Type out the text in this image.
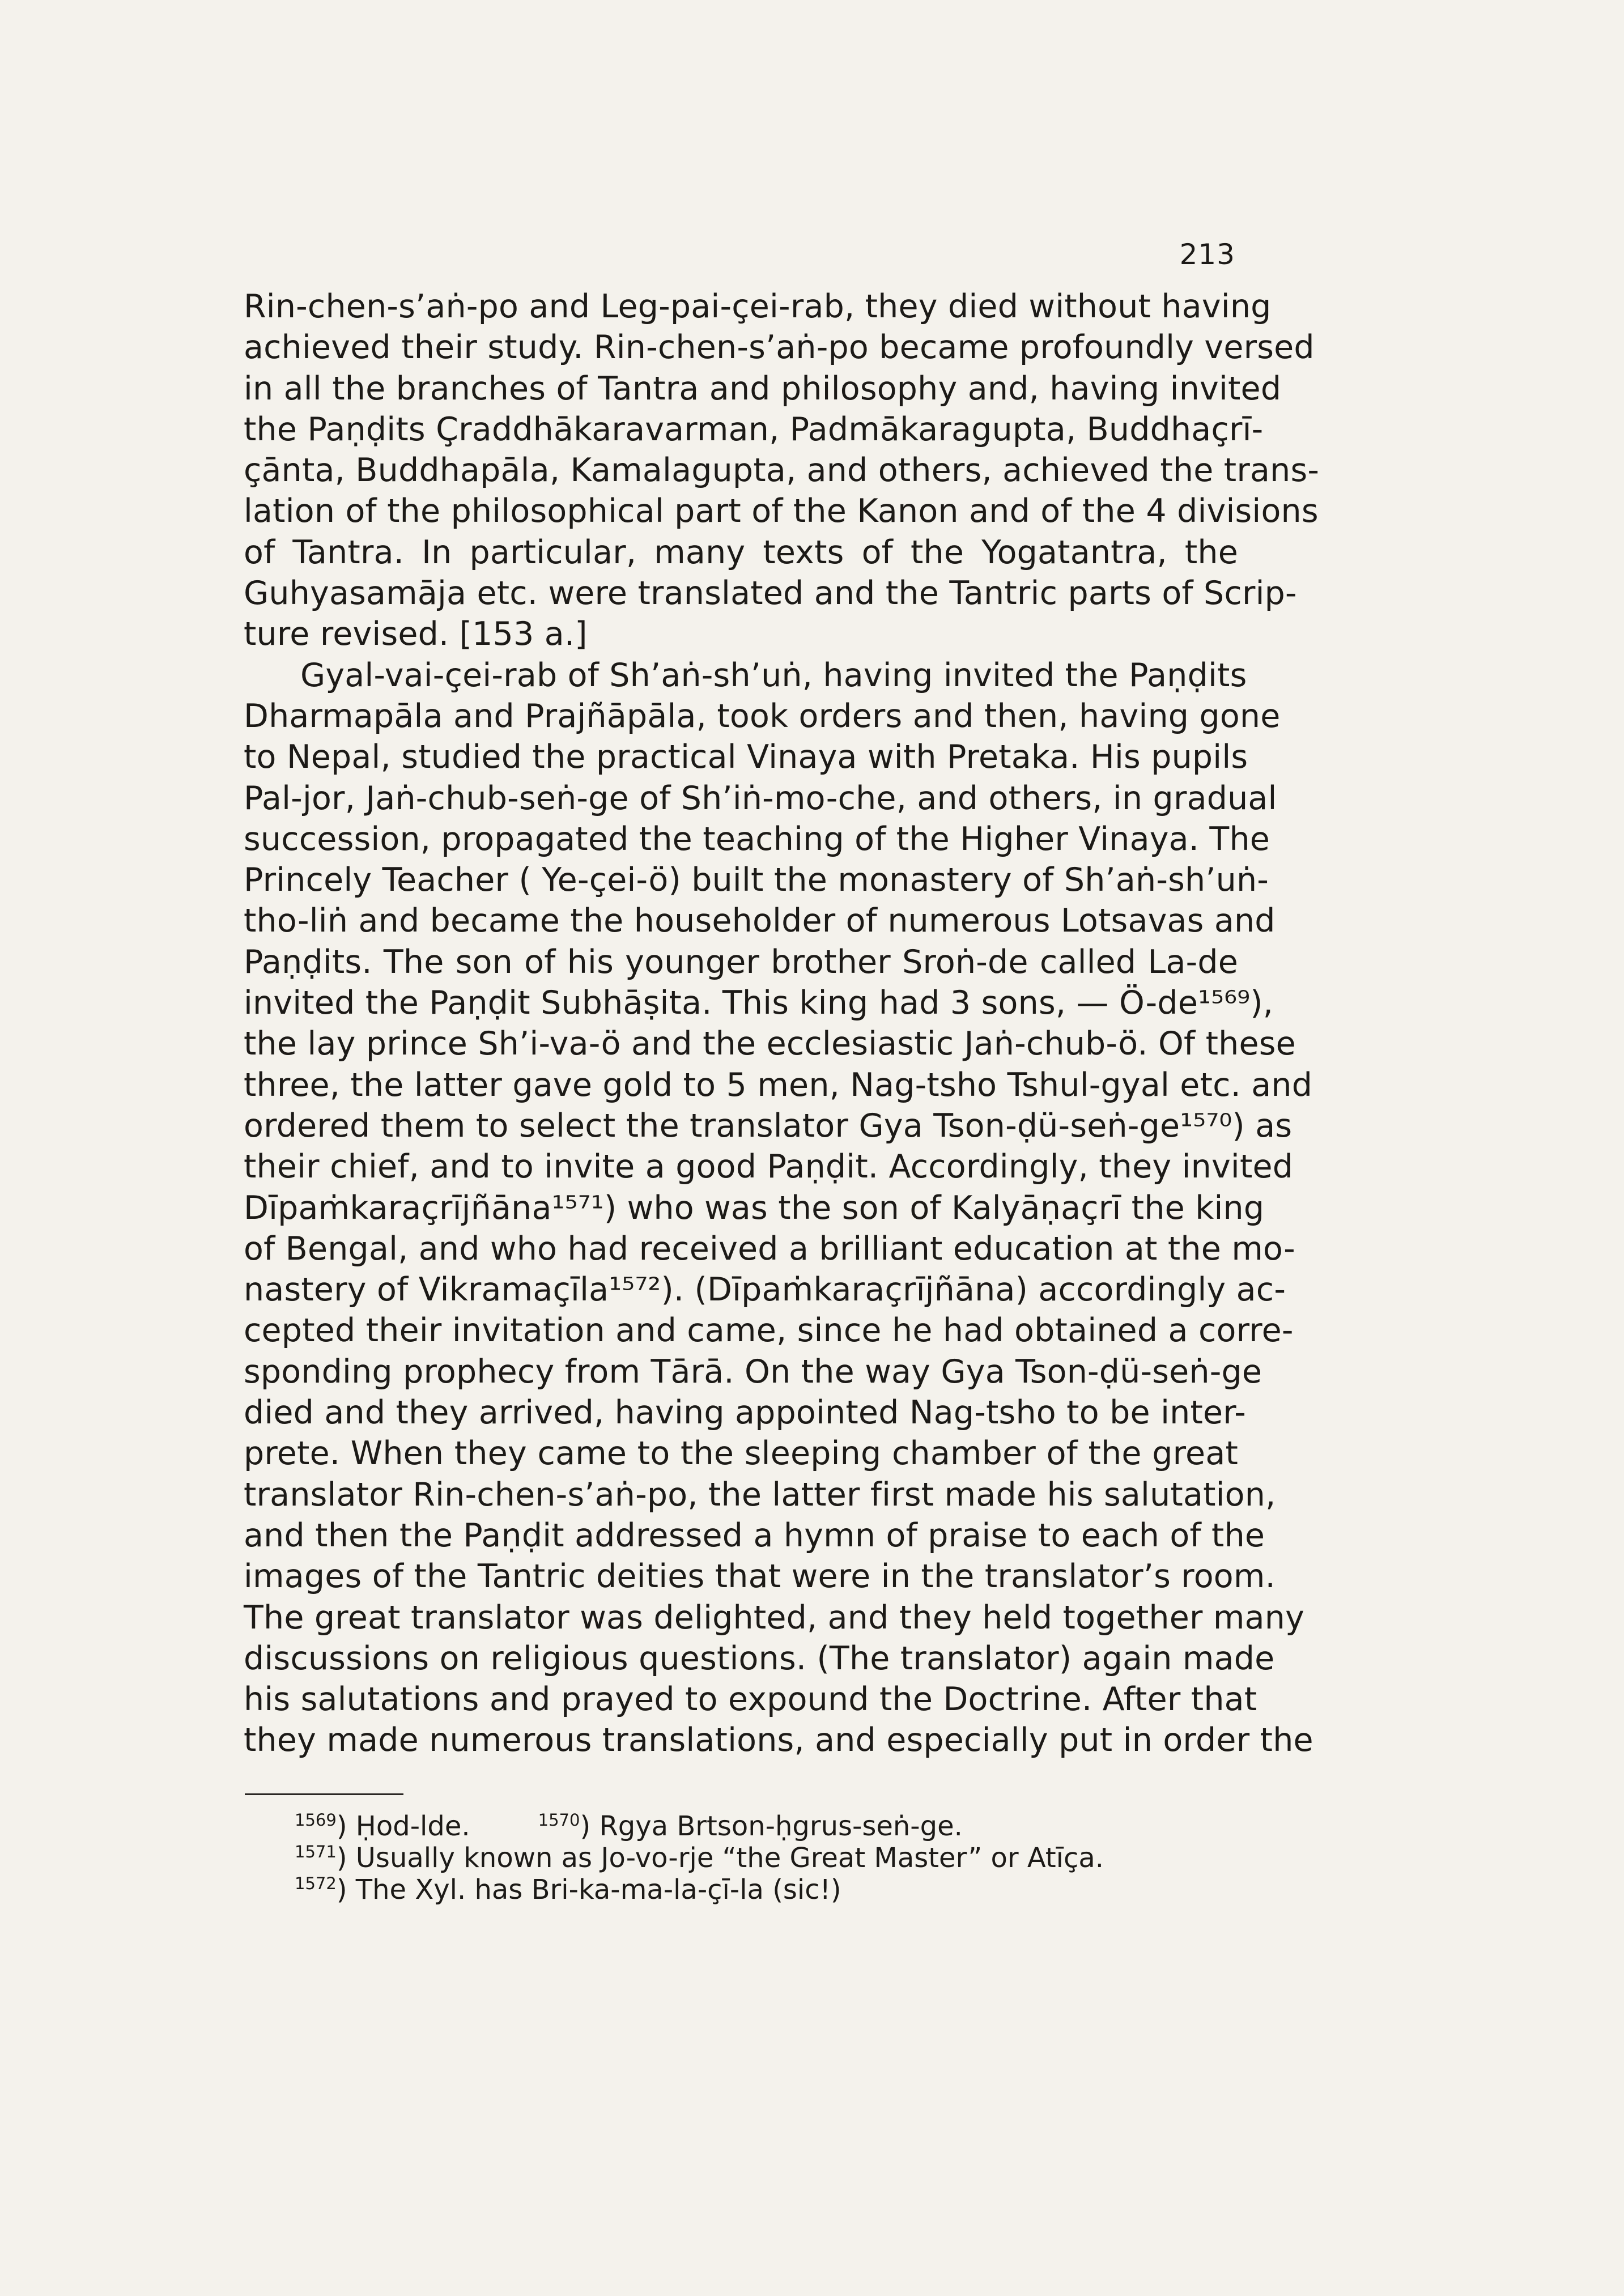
213
Rin-chen-s’aṅ-po and Leg-pai-çei-rab, they died without having
achieved their study. Rin-chen-s’aṅ-po became profoundly versed
in all the branches of Tantra and philosophy and, having invited
the Paṇḍits Çraddhākaravarman, Padmākaragupta, Buddhaçrī-
çānta, Buddhapāla, Kamalagupta, and others, achieved the trans-
lation of the philosophical part of the Kanon and of the 4 divisions
of Tantra. In particular, many texts of the Yogatantra, the
Guhyasamāja etc. were translated and the Tantric parts of Scrip-
ture revised. [153 a.]
Gyal-vai-çei-rab of Sh’aṅ-sh’uṅ, having invited the Paṇḍits
Dharmapāla and Prajñāpāla, took orders and then, having gone
to Nepal, studied the practical Vinaya with Pretaka. His pupils
Pal-jor, Jaṅ-chub-seṅ-ge of Sh’iṅ-mo-che, and others, in gradual
succession, propagated the teaching of the Higher Vinaya. The
Princely Teacher ( Ye-çei-ö) built the monastery of Sh’aṅ-sh’uṅ-
tho-liṅ and became the householder of numerous Lotsavas and
Paṇḍits. The son of his younger brother Sroṅ-de called La-de
invited the Paṇḍit Subhāṣita. This king had 3 sons, — Ö-de¹⁵⁶⁹),
the lay prince Sh’i-va-ö and the ecclesiastic Jaṅ-chub-ö. Of these
three, the latter gave gold to 5 men, Nag-tsho Tshul-gyal etc. and
ordered them to select the translator Gya Tson-ḍü-seṅ-ge¹⁵⁷⁰) as
their chief, and to invite a good Paṇḍit. Accordingly, they invited
Dīpaṁkaraçrījñāna¹⁵⁷¹) who was the son of Kalyāṇaçrī the king
of Bengal, and who had received a brilliant education at the mo-
nastery of Vikramaçīla¹⁵⁷²). (Dīpaṁkaraçrījñāna) accordingly ac-
cepted their invitation and came, since he had obtained a corre-
sponding prophecy from Tārā. On the way Gya Tson-ḍü-seṅ-ge
died and they arrived, having appointed Nag-tsho to be inter-
prete. When they came to the sleeping chamber of the great
translator Rin-chen-s’aṅ-po, the latter first made his salutation,
and then the Paṇḍit addressed a hymn of praise to each of the
images of the Tantric deities that were in the translator’s room.
The great translator was delighted, and they held together many
discussions on religious questions. (The translator) again made
his salutations and prayed to expound the Doctrine. After that
they made numerous translations, and especially put in order the
$^{1569}$) Ḥod-lde.	$^{1570}$) Rgya Brtson-ḥgrus-seṅ-ge.
$^{1571}$) Usually known as Jo-vo-rje “the Great Master” or Atīça.
$^{1572}$) The Xyl. has Bri-ka-ma-la-çī-la (sic!)
